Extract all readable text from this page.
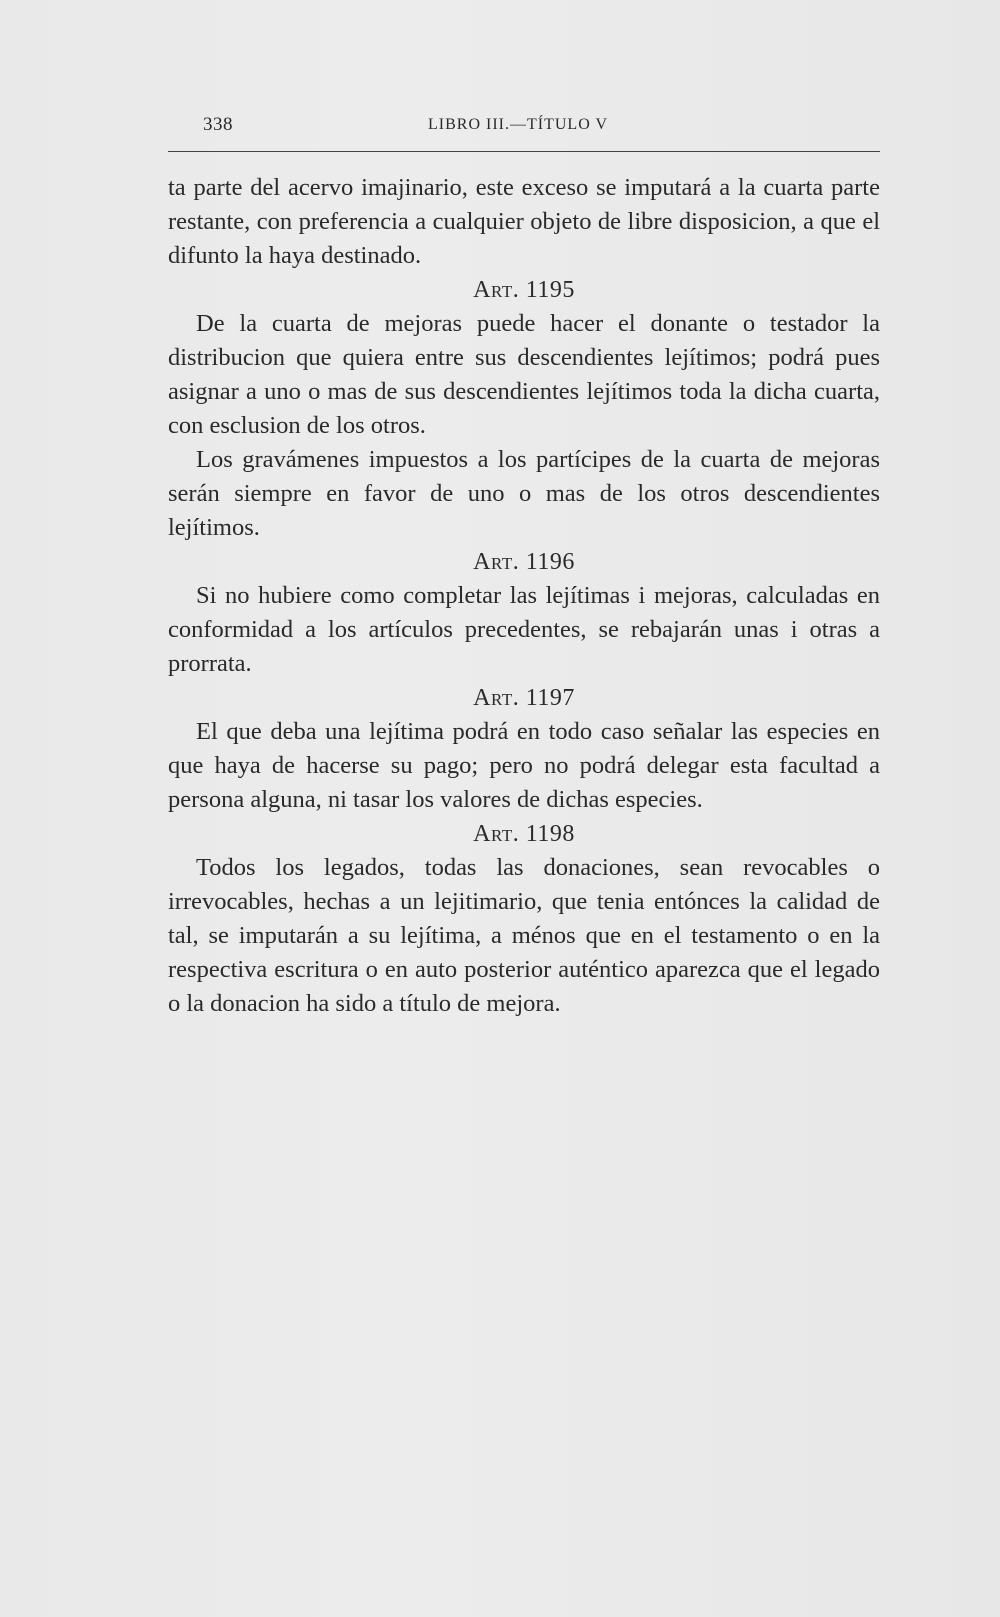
338	LIBRO III.—TÍTULO V

ta parte del acervo imajinario, este exceso se imputará a la cuarta parte restante, con preferencia a cualquier objeto de libre disposicion, a que el difunto la haya destinado.

Art. 1195

De la cuarta de mejoras puede hacer el donante o testador la distribucion que quiera entre sus descendientes lejítimos; podrá pues asignar a uno o mas de sus descendientes lejítimos toda la dicha cuarta, con esclusion de los otros.

Los gravámenes impuestos a los partícipes de la cuarta de mejoras serán siempre en favor de uno o mas de los otros descendientes lejítimos.

Art. 1196

Si no hubiere como completar las lejítimas i mejoras, calculadas en conformidad a los artículos precedentes, se rebajarán unas i otras a prorrata.

Art. 1197

El que deba una lejítima podrá en todo caso señalar las especies en que haya de hacerse su pago; pero no podrá delegar esta facultad a persona alguna, ni tasar los valores de dichas especies.

Art. 1198

Todos los legados, todas las donaciones, sean revocables o irrevocables, hechas a un lejitimario, que tenia entónces la calidad de tal, se imputarán a su lejítima, a ménos que en el testamento o en la respectiva escritura o en auto posterior auténtico aparezca que el legado o la donacion ha sido a título de mejora.
